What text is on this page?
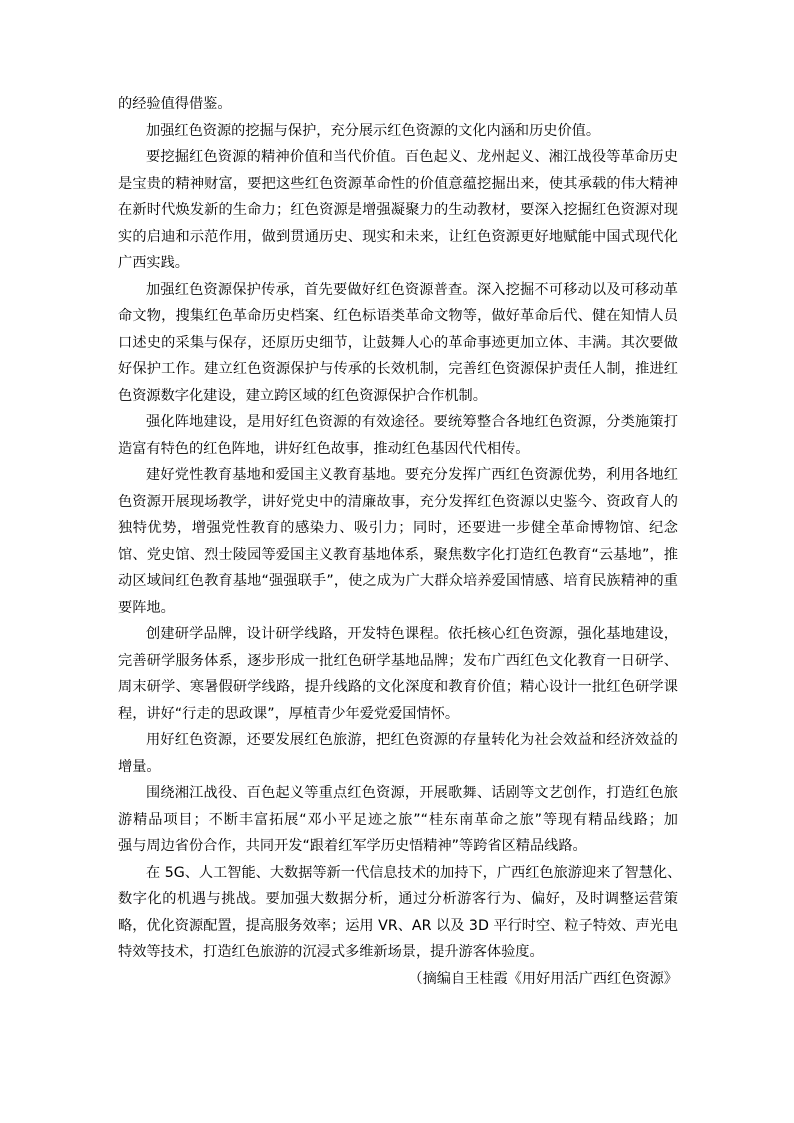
的经验值得借鉴。
加强红色资源的挖掘与保护，充分展示红色资源的文化内涵和历史价值。
要挖掘红色资源的精神价值和当代价值。百色起义、龙州起义、湘江战役等革命历史
是宝贵的精神财富，要把这些红色资源革命性的价值意蕴挖掘出来，使其承载的伟大精神
在新时代焕发新的生命力；红色资源是增强凝聚力的生动教材，要深入挖掘红色资源对现
实的启迪和示范作用，做到贯通历史、现实和未来，让红色资源更好地赋能中国式现代化
广西实践。
加强红色资源保护传承，首先要做好红色资源普查。深入挖掘不可移动以及可移动革
命文物，搜集红色革命历史档案、红色标语类革命文物等，做好革命后代、健在知情人员
口述史的采集与保存，还原历史细节，让鼓舞人心的革命事迹更加立体、丰满。其次要做
好保护工作。建立红色资源保护与传承的长效机制，完善红色资源保护责任人制，推进红
色资源数字化建设，建立跨区域的红色资源保护合作机制。
强化阵地建设，是用好红色资源的有效途径。要统筹整合各地红色资源，分类施策打
造富有特色的红色阵地，讲好红色故事，推动红色基因代代相传。
建好党性教育基地和爱国主义教育基地。要充分发挥广西红色资源优势，利用各地红
色资源开展现场教学，讲好党史中的清廉故事，充分发挥红色资源以史鉴今、资政育人的
独特优势，增强党性教育的感染力、吸引力；同时，还要进一步健全革命博物馆、纪念
馆、党史馆、烈士陵园等爱国主义教育基地体系，聚焦数字化打造红色教育“云基地”，推
动区域间红色教育基地“强强联手”，使之成为广大群众培养爱国情感、培育民族精神的重
要阵地。
创建研学品牌，设计研学线路，开发特色课程。依托核心红色资源，强化基地建设，
完善研学服务体系，逐步形成一批红色研学基地品牌；发布广西红色文化教育一日研学、
周末研学、寒暑假研学线路，提升线路的文化深度和教育价值；精心设计一批红色研学课
程，讲好“行走的思政课”，厚植青少年爱党爱国情怀。
用好红色资源，还要发展红色旅游，把红色资源的存量转化为社会效益和经济效益的
增量。
围绕湘江战役、百色起义等重点红色资源，开展歌舞、话剧等文艺创作，打造红色旅
游精品项目；不断丰富拓展“邓小平足迹之旅”“桂东南革命之旅”等现有精品线路；加
强与周边省份合作，共同开发“跟着红军学历史悟精神”等跨省区精品线路。
在 5G、人工智能、大数据等新一代信息技术的加持下，广西红色旅游迎来了智慧化、
数字化的机遇与挑战。要加强大数据分析，通过分析游客行为、偏好，及时调整运营策
略，优化资源配置，提高服务效率；运用 VR、AR 以及 3D 平行时空、粒子特效、声光电
特效等技术，打造红色旅游的沉浸式多维新场景，提升游客体验度。
（摘编自王桂霞《用好用活广西红色资源》
